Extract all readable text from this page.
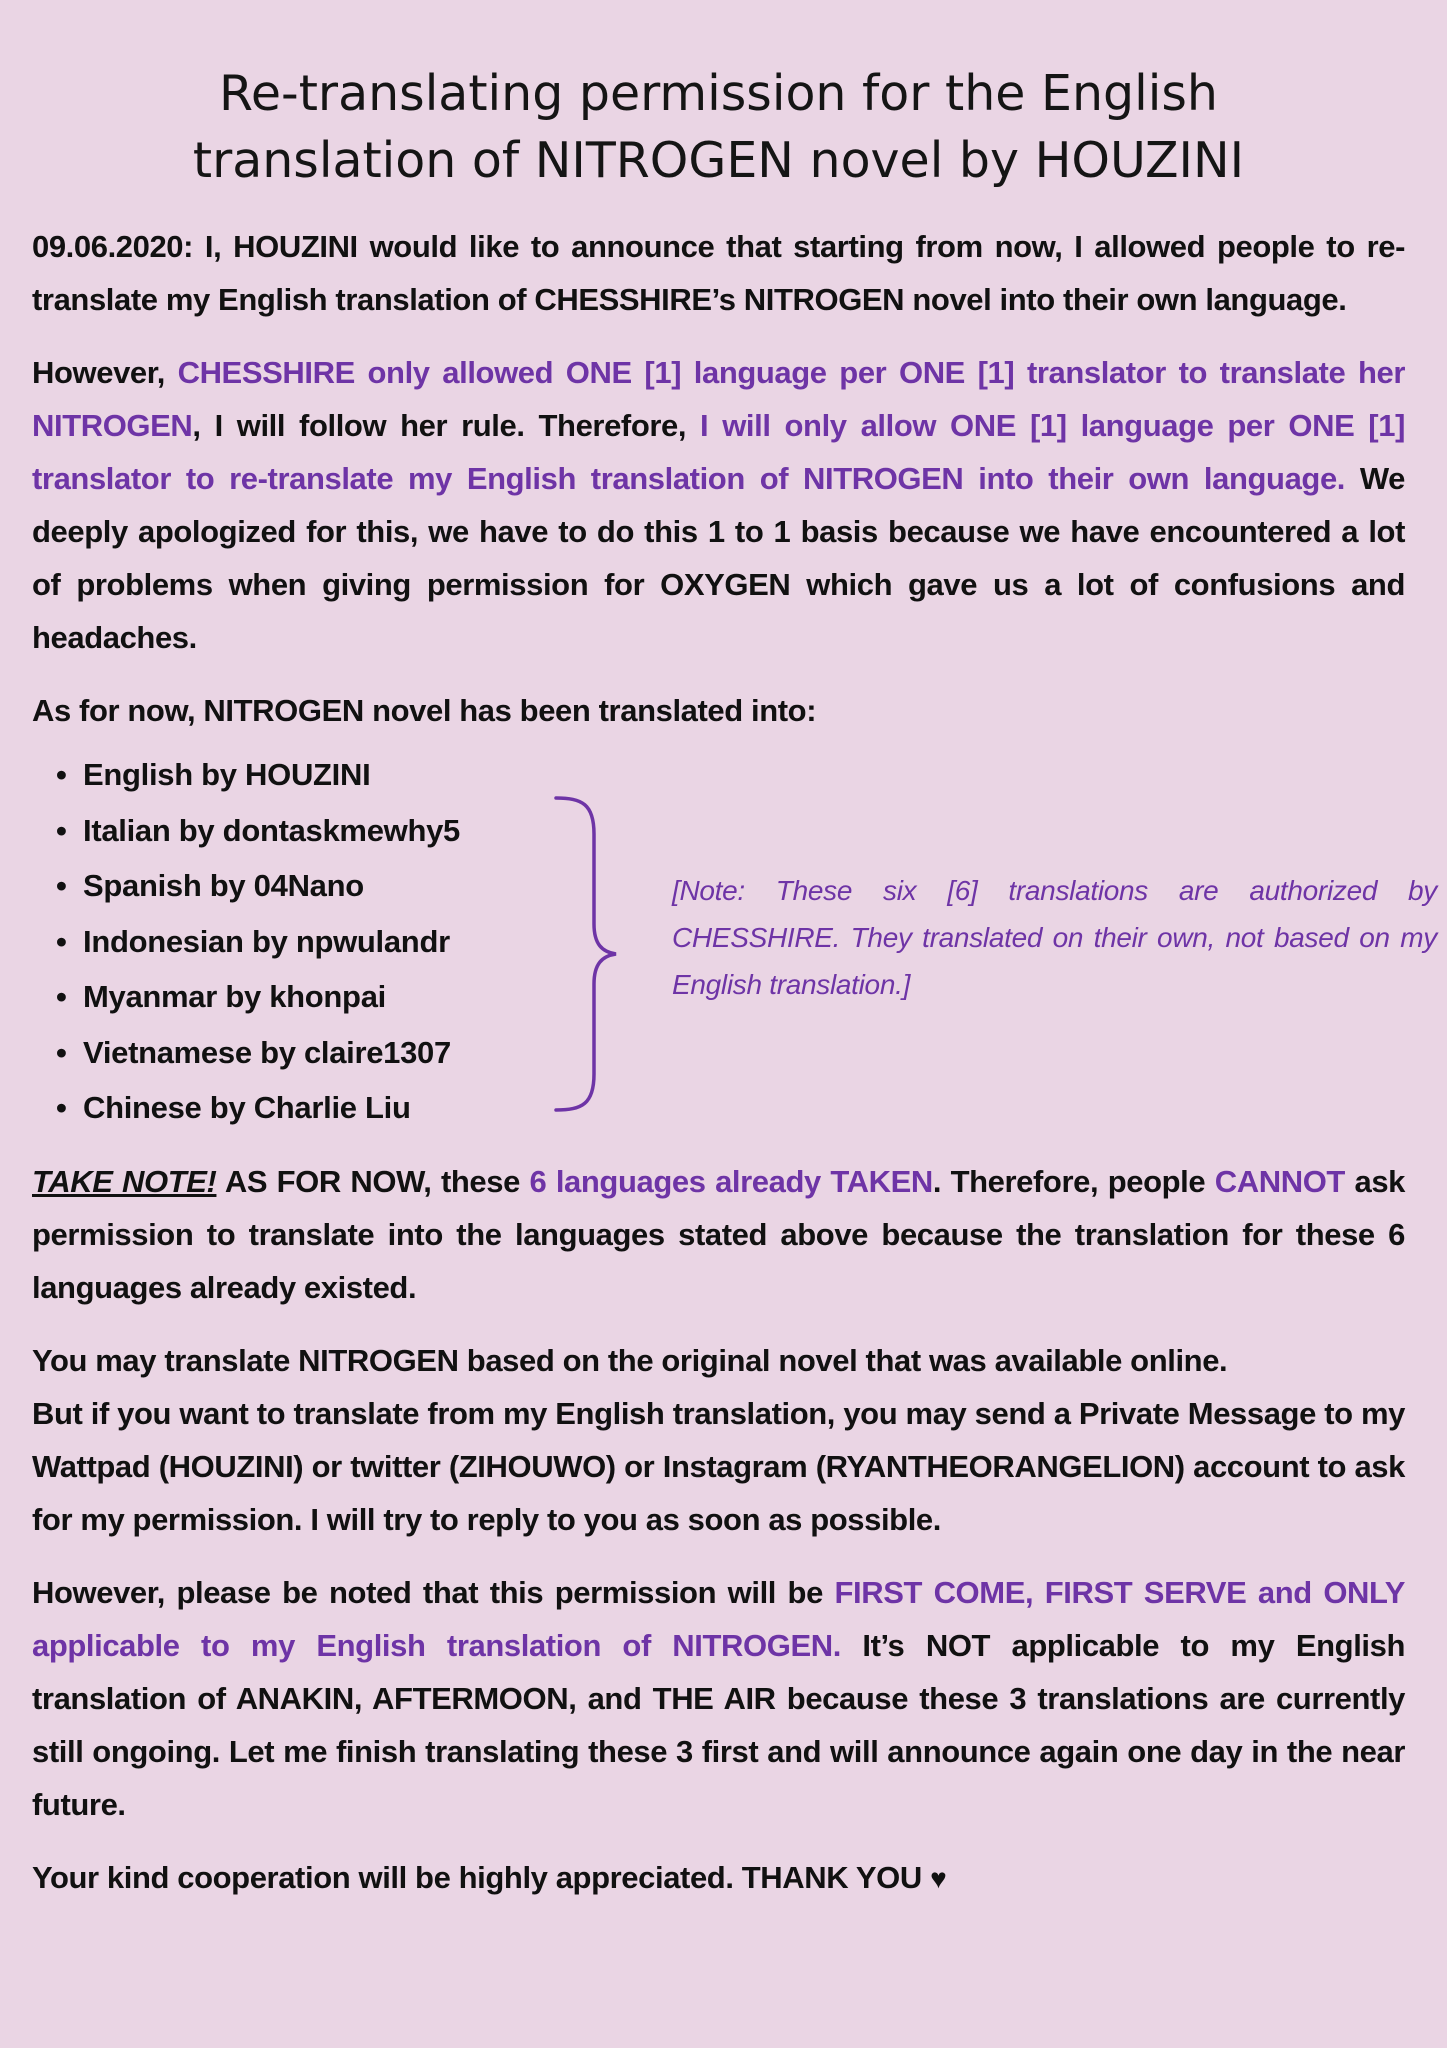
Re-translating permission for the English
translation of NITROGEN novel by HOUZINI

09.06.2020: I, HOUZINI would like to announce that starting from now, I allowed people to re-translate my English translation of CHESSHIRE’s NITROGEN novel into their own language.

However, CHESSHIRE only allowed ONE [1] language per ONE [1] translator to translate her NITROGEN, I will follow her rule. Therefore, I will only allow ONE [1] language per ONE [1] translator to re-translate my English translation of NITROGEN into their own language. We deeply apologized for this, we have to do this 1 to 1 basis because we have encountered a lot of problems when giving permission for OXYGEN which gave us a lot of confusions and headaches.

As for now, NITROGEN novel has been translated into:

• English by HOUZINI
• Italian by dontaskmewhy5
• Spanish by 04Nano
• Indonesian by npwulandr
• Myanmar by khonpai
• Vietnamese by claire1307
• Chinese by Charlie Liu
[Note: These six [6] translations are authorized by CHESSHIRE. They translated on their own, not based on my English translation.]

TAKE NOTE! AS FOR NOW, these 6 languages already TAKEN. Therefore, people CANNOT ask permission to translate into the languages stated above because the translation for these 6 languages already existed.

You may translate NITROGEN based on the original novel that was available online.
But if you want to translate from my English translation, you may send a Private Message to my Wattpad (HOUZINI) or twitter (ZIHOUWO) or Instagram (RYANTHEORANGELION) account to ask for my permission. I will try to reply to you as soon as possible.

However, please be noted that this permission will be FIRST COME, FIRST SERVE and ONLY applicable to my English translation of NITROGEN. It’s NOT applicable to my English translation of ANAKIN, AFTERMOON, and THE AIR because these 3 translations are currently still ongoing. Let me finish translating these 3 first and will announce again one day in the near future.

Your kind cooperation will be highly appreciated. THANK YOU ♥
